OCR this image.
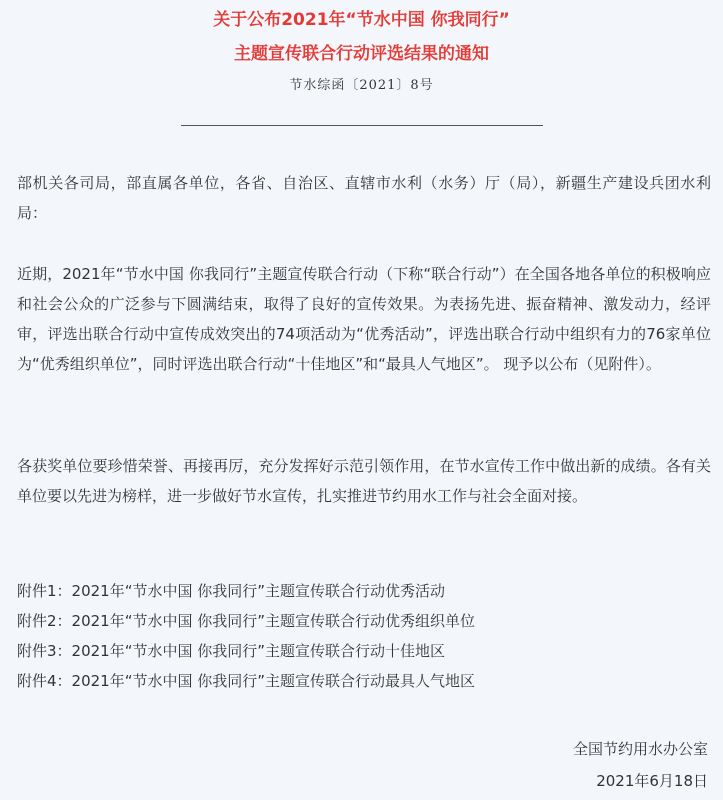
关于公布2021年“节水中国 你我同行”
主题宣传联合行动评选结果的通知
节水综函〔2021〕8号
部机关各司局，部直属各单位，各省、自治区、直辖市水利（水务）厅（局），新疆生产建设兵团水利局：
近期，2021年“节水中国 你我同行”主题宣传联合行动（下称“联合行动”）在全国各地各单位的积极响应和社会公众的广泛参与下圆满结束，取得了良好的宣传效果。为表扬先进、振奋精神、激发动力，经评审，评选出联合行动中宣传成效突出的74项活动为“优秀活动”，评选出联合行动中组织有力的76家单位为“优秀组织单位”，同时评选出联合行动“十佳地区”和“最具人气地区”。 现予以公布（见附件）。
各获奖单位要珍惜荣誉、再接再厉，充分发挥好示范引领作用，在节水宣传工作中做出新的成绩。各有关单位要以先进为榜样，进一步做好节水宣传，扎实推进节约用水工作与社会全面对接。
附件1：2021年“节水中国 你我同行”主题宣传联合行动优秀活动
附件2：2021年“节水中国 你我同行”主题宣传联合行动优秀组织单位
附件3：2021年“节水中国 你我同行”主题宣传联合行动十佳地区
附件4：2021年“节水中国 你我同行”主题宣传联合行动最具人气地区
全国节约用水办公室
2021年6月18日
